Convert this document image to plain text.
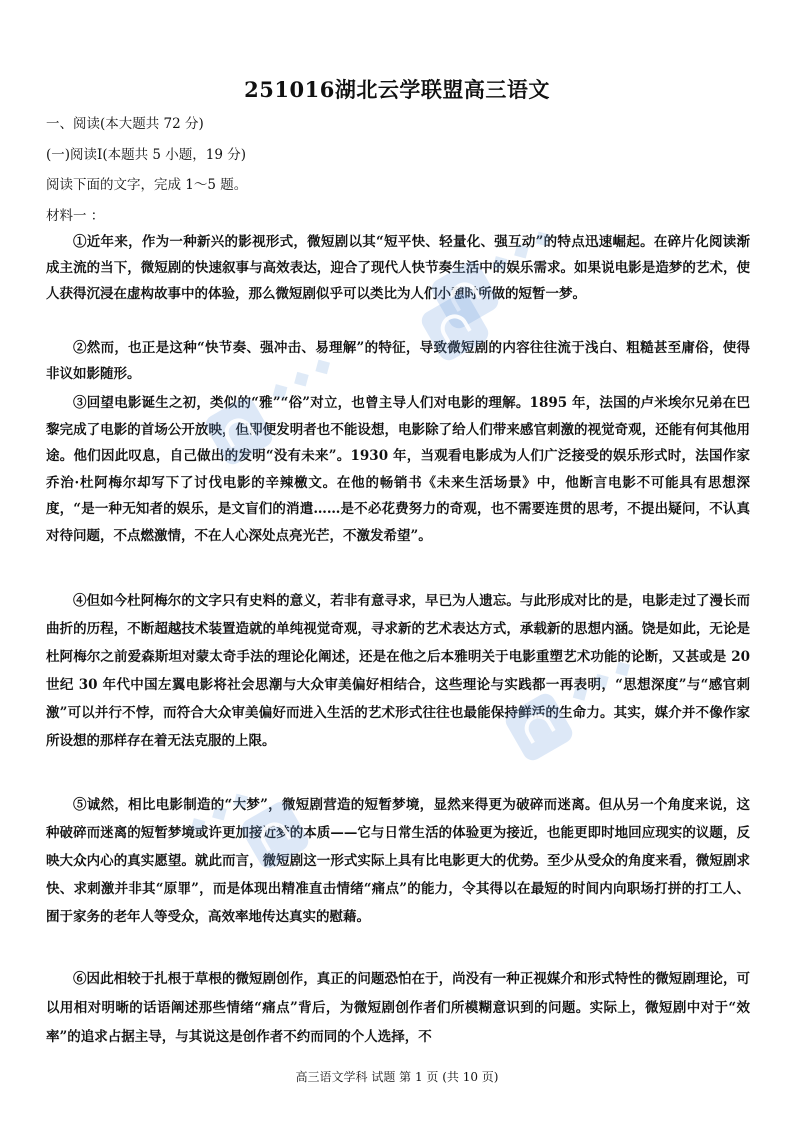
251016湖北云学联盟高三语文
一、阅读(本大题共 72 分)
(一)阅读Ⅰ(本题共 5 小题，19 分)
阅读下面的文字，完成 1～5 题。
材料一 ：

①近年来，作为一种新兴的影视形式，微短剧以其“短平快、轻量化、强互动”的特点迅速崛起。在碎片化阅读渐成主流的当下，微短剧的快速叙事与高效表达，迎合了现代人快节奏生活中的娱乐需求。如果说电影是造梦的艺术，使人获得沉浸在虚构故事中的体验，那么微短剧似乎可以类比为人们小憩时所做的短暂一梦。

②然而，也正是这种“快节奏、强冲击、易理解”的特征，导致微短剧的内容往往流于浅白、粗糙甚至庸俗，使得非议如影随形。

③回望电影诞生之初，类似的“雅”“俗”对立，也曾主导人们对电影的理解。1895 年，法国的卢米埃尔兄弟在巴黎完成了电影的首场公开放映，但即便发明者也不能设想，电影除了给人们带来感官刺激的视觉奇观，还能有何其他用途。他们因此叹息，自己做出的发明“没有未来”。1930 年，当观看电影成为人们广泛接受的娱乐形式时，法国作家乔治·杜阿梅尔却写下了讨伐电影的辛辣檄文。在他的畅销书《未来生活场景》中，他断言电影不可能具有思想深度，“是一种无知者的娱乐，是文盲们的消遣……是不必花费努力的奇观，也不需要连贯的思考，不提出疑问，不认真对待问题，不点燃激情，不在人心深处点亮光芒，不激发希望”。

④但如今杜阿梅尔的文字只有史料的意义，若非有意寻求，早已为人遗忘。与此形成对比的是，电影走过了漫长而曲折的历程，不断超越技术装置造就的单纯视觉奇观，寻求新的艺术表达方式，承载新的思想内涵。饶是如此，无论是杜阿梅尔之前爱森斯坦对蒙太奇手法的理论化阐述，还是在他之后本雅明关于电影重塑艺术功能的论断，又甚或是 20 世纪 30 年代中国左翼电影将社会思潮与大众审美偏好相结合，这些理论与实践都一再表明，“思想深度”与“感官刺激”可以并行不悖，而符合大众审美偏好而进入生活的艺术形式往往也最能保持鲜活的生命力。其实，媒介并不像作家所设想的那样存在着无法克服的上限。

⑤诚然，相比电影制造的“大梦”，微短剧营造的短暂梦境，显然来得更为破碎而迷离。但从另一个角度来说，这种破碎而迷离的短暂梦境或许更加接近梦的本质——它与日常生活的体验更为接近，也能更即时地回应现实的议题，反映大众内心的真实愿望。就此而言，微短剧这一形式实际上具有比电影更大的优势。至少从受众的角度来看，微短剧求快、求刺激并非其“原罪”，而是体现出精准直击情绪“痛点”的能力，令其得以在最短的时间内向职场打拼的打工人、囿于家务的老年人等受众，高效率地传达真实的慰藉。

⑥因此相较于扎根于草根的微短剧创作，真正的问题恐怕在于，尚没有一种正视媒介和形式特性的微短剧理论，可以用相对明晰的话语阐述那些情绪“痛点”背后，为微短剧创作者们所模糊意识到的问题。实际上，微短剧中对于“效率”的追求占据主导，与其说这是创作者不约而同的个人选择，不

高三语文学科 试题 第 1 页 (共 10 页)
◆ ◆ ◆
◆ ◆ ◆
◆ ◆ ◆
◆ ◆ ◆
